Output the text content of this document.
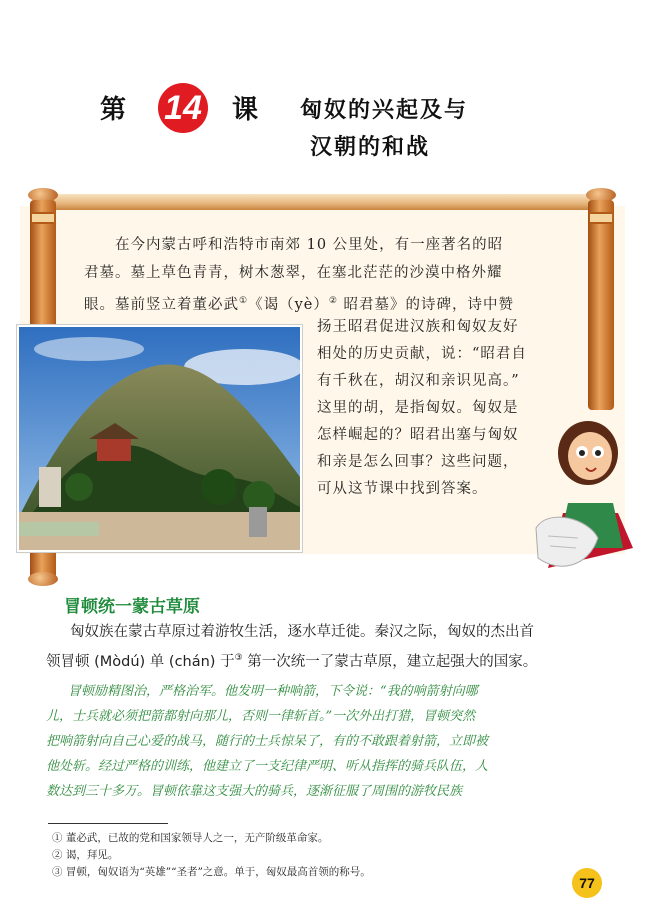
第 14 课 匈奴的兴起及与
汉朝的和战
在今内蒙古呼和浩特市南郊 10 公里处，有一座著名的昭
君墓。墓上草色青青，树木葱翠，在塞北茫茫的沙漠中格外耀
眼。墓前竖立着董必武①《谒（yè）② 昭君墓》的诗碑，诗中赞
扬王昭君促进汉族和匈奴友好
相处的历史贡献，说：“昭君自
有千秋在，胡汉和亲识见高。”
这里的胡，是指匈奴。匈奴是
怎样崛起的？昭君出塞与匈奴
和亲是怎么回事？这些问题，
可从这节课中找到答案。
冒顿统一蒙古草原
匈奴族在蒙古草原过着游牧生活，逐水草迁徙。秦汉之际，匈奴的杰出首
领冒顿 (Mòdú) 单 (chán) 于③ 第一次统一了蒙古草原，建立起强大的国家。
冒顿励精图治，严格治军。他发明一种响箭，下令说：“我的响箭射向哪
儿，士兵就必须把箭都射向那儿，否则一律斩首。”一次外出打猎，冒顿突然
把响箭射向自己心爱的战马，随行的士兵惊呆了，有的不敢跟着射箭，立即被
他处斩。经过严格的训练，他建立了一支纪律严明、听从指挥的骑兵队伍，人
数达到三十多万。冒顿依靠这支强大的骑兵，逐渐征服了周围的游牧民族
① 董必武，已故的党和国家领导人之一，无产阶级革命家。
② 谒，拜见。
③ 冒顿，匈奴语为“英雄”“圣者”之意。单于，匈奴最高首领的称号。
77
